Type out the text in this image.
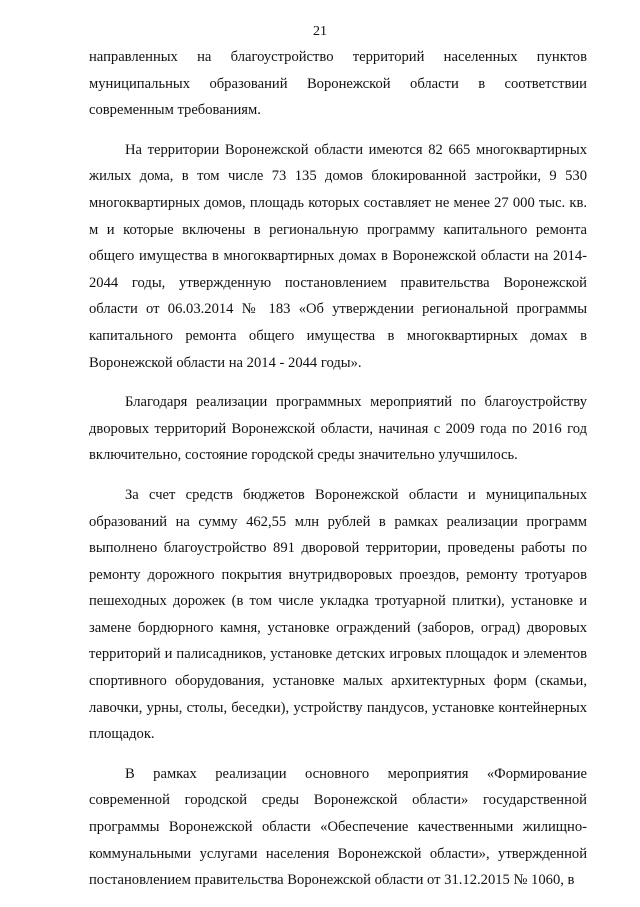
21

направленных на благоустройство территорий населенных пунктов муниципальных образований Воронежской области в соответствии современным требованиям.

На территории Воронежской области имеются 82 665 многоквартирных жилых дома, в том числе 73 135 домов блокированной застройки, 9 530 многоквартирных домов, площадь которых составляет не менее 27 000 тыс. кв. м и которые включены в региональную программу капитального ремонта общего имущества в многоквартирных домах в Воронежской области на 2014-2044 годы, утвержденную постановлением правительства Воронежской области от 06.03.2014 № 183 «Об утверждении региональной программы капитального ремонта общего имущества в многоквартирных домах в Воронежской области на 2014 - 2044 годы».

Благодаря реализации программных мероприятий по благоустройству дворовых территорий Воронежской области, начиная с 2009 года по 2016 год включительно, состояние городской среды значительно улучшилось.

За счет средств бюджетов Воронежской области и муниципальных образований на сумму 462,55 млн рублей в рамках реализации программ выполнено благоустройство 891 дворовой территории, проведены работы по ремонту дорожного покрытия внутридворовых проездов, ремонту тротуаров пешеходных дорожек (в том числе укладка тротуарной плитки), установке и замене бордюрного камня, установке ограждений (заборов, оград) дворовых территорий и палисадников, установке детских игровых площадок и элементов спортивного оборудования, установке малых архитектурных форм (скамьи, лавочки, урны, столы, беседки), устройству пандусов, установке контейнерных площадок.

В рамках реализации основного мероприятия «Формирование современной городской среды Воронежской области» государственной программы Воронежской области «Обеспечение качественными жилищно-коммунальными услугами населения Воронежской области», утвержденной постановлением правительства Воронежской области от 31.12.2015 № 1060, в
